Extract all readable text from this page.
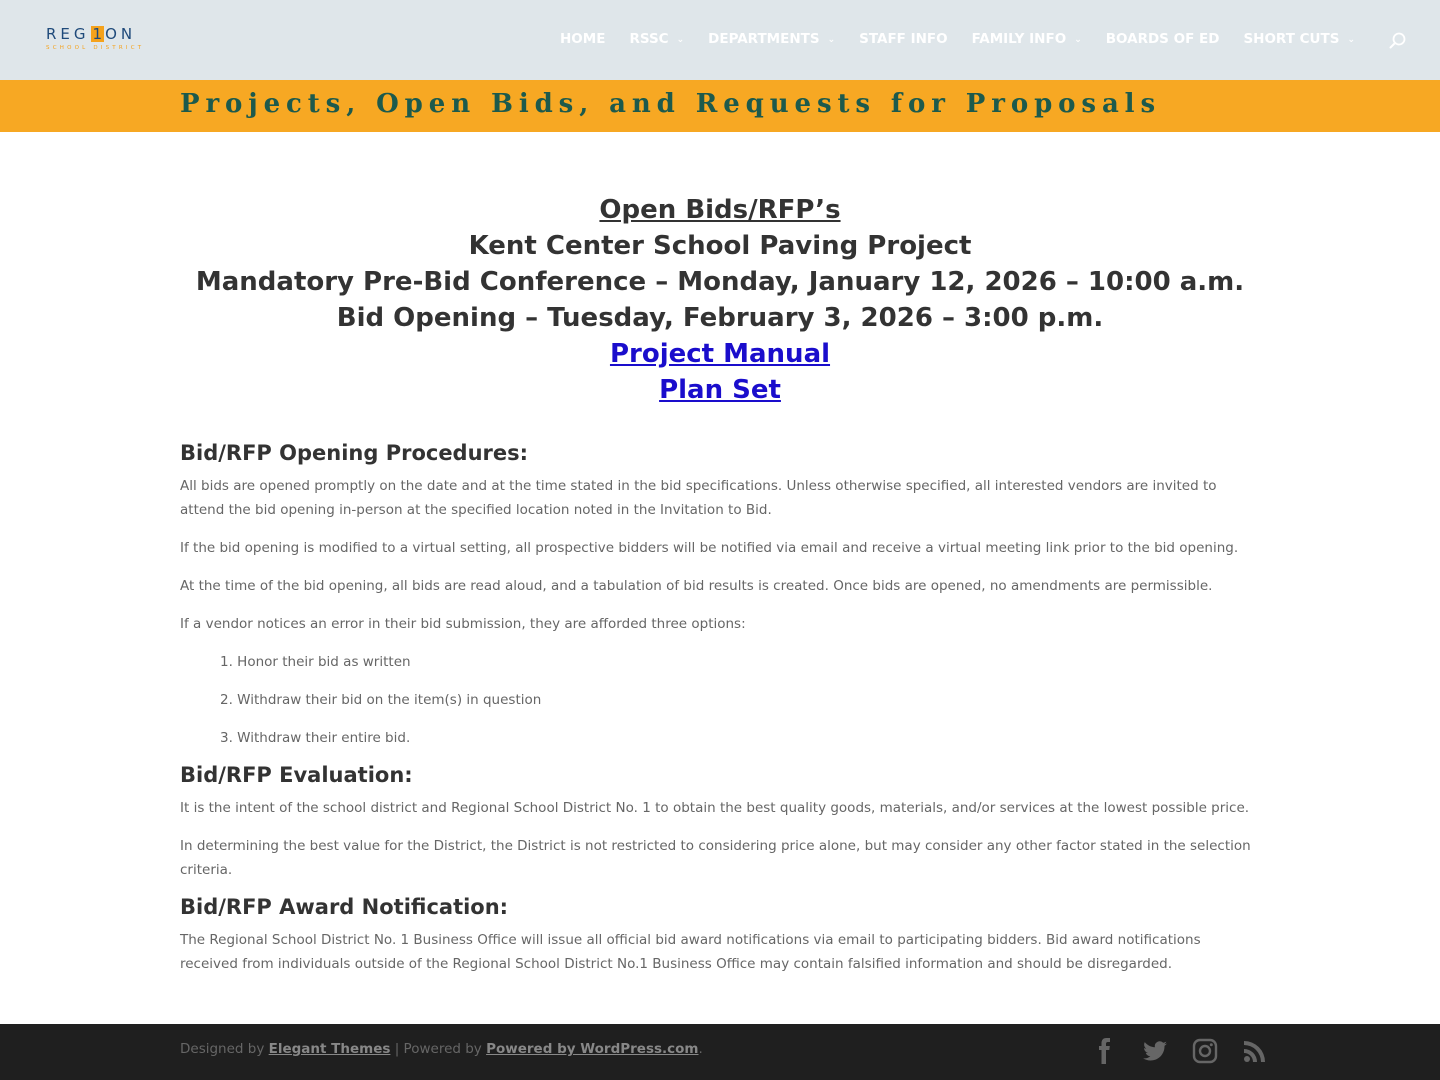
REG 1 ON
SCHOOL DISTRICT
HOME RSSC ⌄ DEPARTMENTS ⌄ STAFF INFO FAMILY INFO ⌄ BOARDS OF ED SHORT CUTS ⌄
Projects, Open Bids, and Requests for Proposals
Open Bids/RFP’s
Kent Center School Paving Project
Mandatory Pre-Bid Conference – Monday, January 12, 2026 – 10:00 a.m.
Bid Opening – Tuesday, February 3, 2026 – 3:00 p.m.
Project Manual
Plan Set
Bid/RFP Opening Procedures:

All bids are opened promptly on the date and at the time stated in the bid specifications. Unless otherwise specified, all interested vendors are invited to attend the bid opening in-person at the specified location noted in the Invitation to Bid.

If the bid opening is modified to a virtual setting, all prospective bidders will be notified via email and receive a virtual meeting link prior to the bid opening.

At the time of the bid opening, all bids are read aloud, and a tabulation of bid results is created. Once bids are opened, no amendments are permissible.

If a vendor notices an error in their bid submission, they are afforded three options:

1. Honor their bid as written
2. Withdraw their bid on the item(s) in question
3. Withdraw their entire bid.
Bid/RFP Evaluation:

It is the intent of the school district and Regional School District No. 1 to obtain the best quality goods, materials, and/or services at the lowest possible price.

In determining the best value for the District, the District is not restricted to considering price alone, but may consider any other factor stated in the selection criteria.

Bid/RFP Award Notification:

The Regional School District No. 1 Business Office will issue all official bid award notifications via email to participating bidders. Bid award notifications received from individuals outside of the Regional School District No.1 Business Office may contain falsified information and should be disregarded.

Designed by Elegant Themes | Powered by Powered by WordPress.com.
